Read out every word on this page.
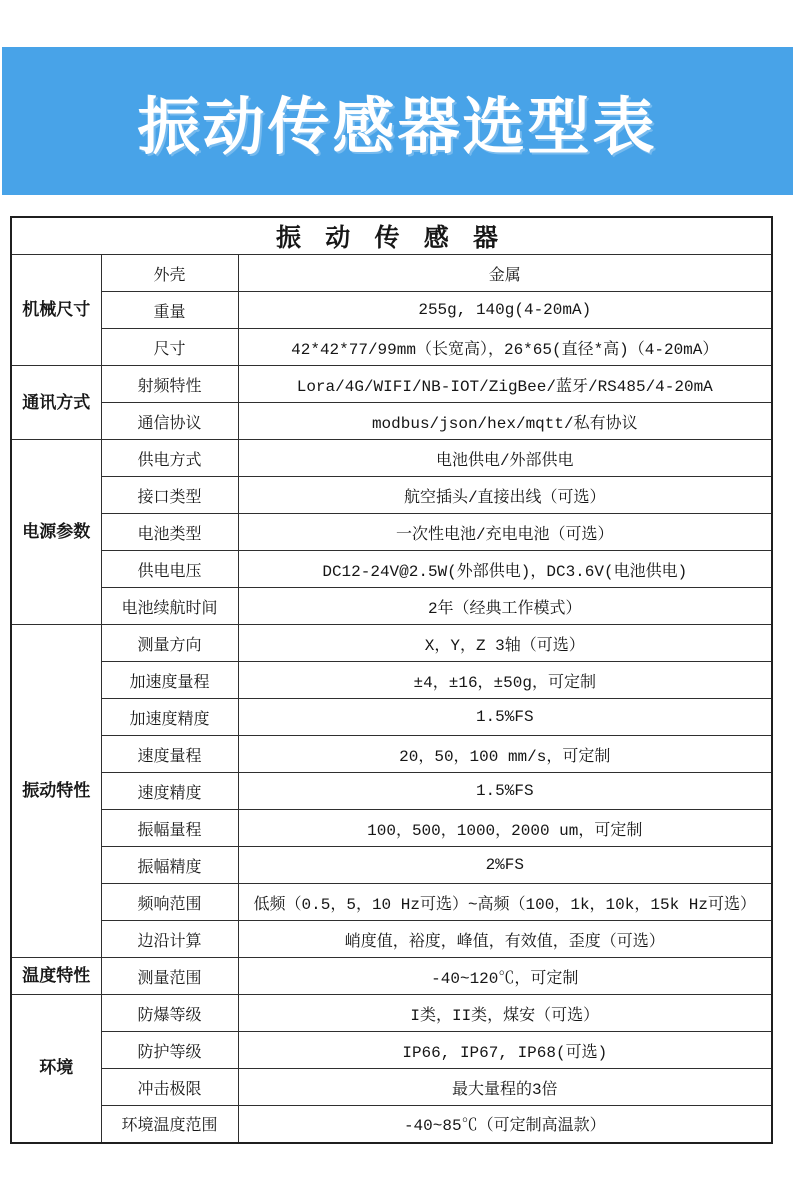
振动传感器选型表
振 动 传 感 器		
机械尺寸	外壳	金属
	重量	255g, 140g(4-20mA)
	尺寸	42*42*77/99mm（长宽高），26*65(直径*高)（4-20mA）
通讯方式	射频特性	Lora/4G/WIFI/NB-IOT/ZigBee/蓝牙/RS485/4-20mA
	通信协议	modbus/json/hex/mqtt/私有协议
电源参数	供电方式	电池供电/外部供电
	接口类型	航空插头/直接出线（可选）
	电池类型	一次性电池/充电电池（可选）
	供电电压	DC12-24V@2.5W(外部供电)，DC3.6V(电池供电)
	电池续航时间	2年（经典工作模式）
振动特性	测量方向	X，Y，Z 3轴（可选）
	加速度量程	±4，±16，±50g，可定制
	加速度精度	1.5%FS
	速度量程	20，50，100 mm/s，可定制
	速度精度	1.5%FS
	振幅量程	100，500，1000，2000 um，可定制
	振幅精度	2%FS
	频响范围	低频（0.5，5，10 Hz可选）~高频（100，1k，10k，15k Hz可选）
	边沿计算	峭度值，裕度，峰值，有效值，歪度（可选）
温度特性	测量范围	-40~120℃，可定制
环境	防爆等级	I类，II类，煤安（可选）
	防护等级	IP66, IP67, IP68(可选)
	冲击极限	最大量程的3倍
	环境温度范围	-40~85℃（可定制高温款）
